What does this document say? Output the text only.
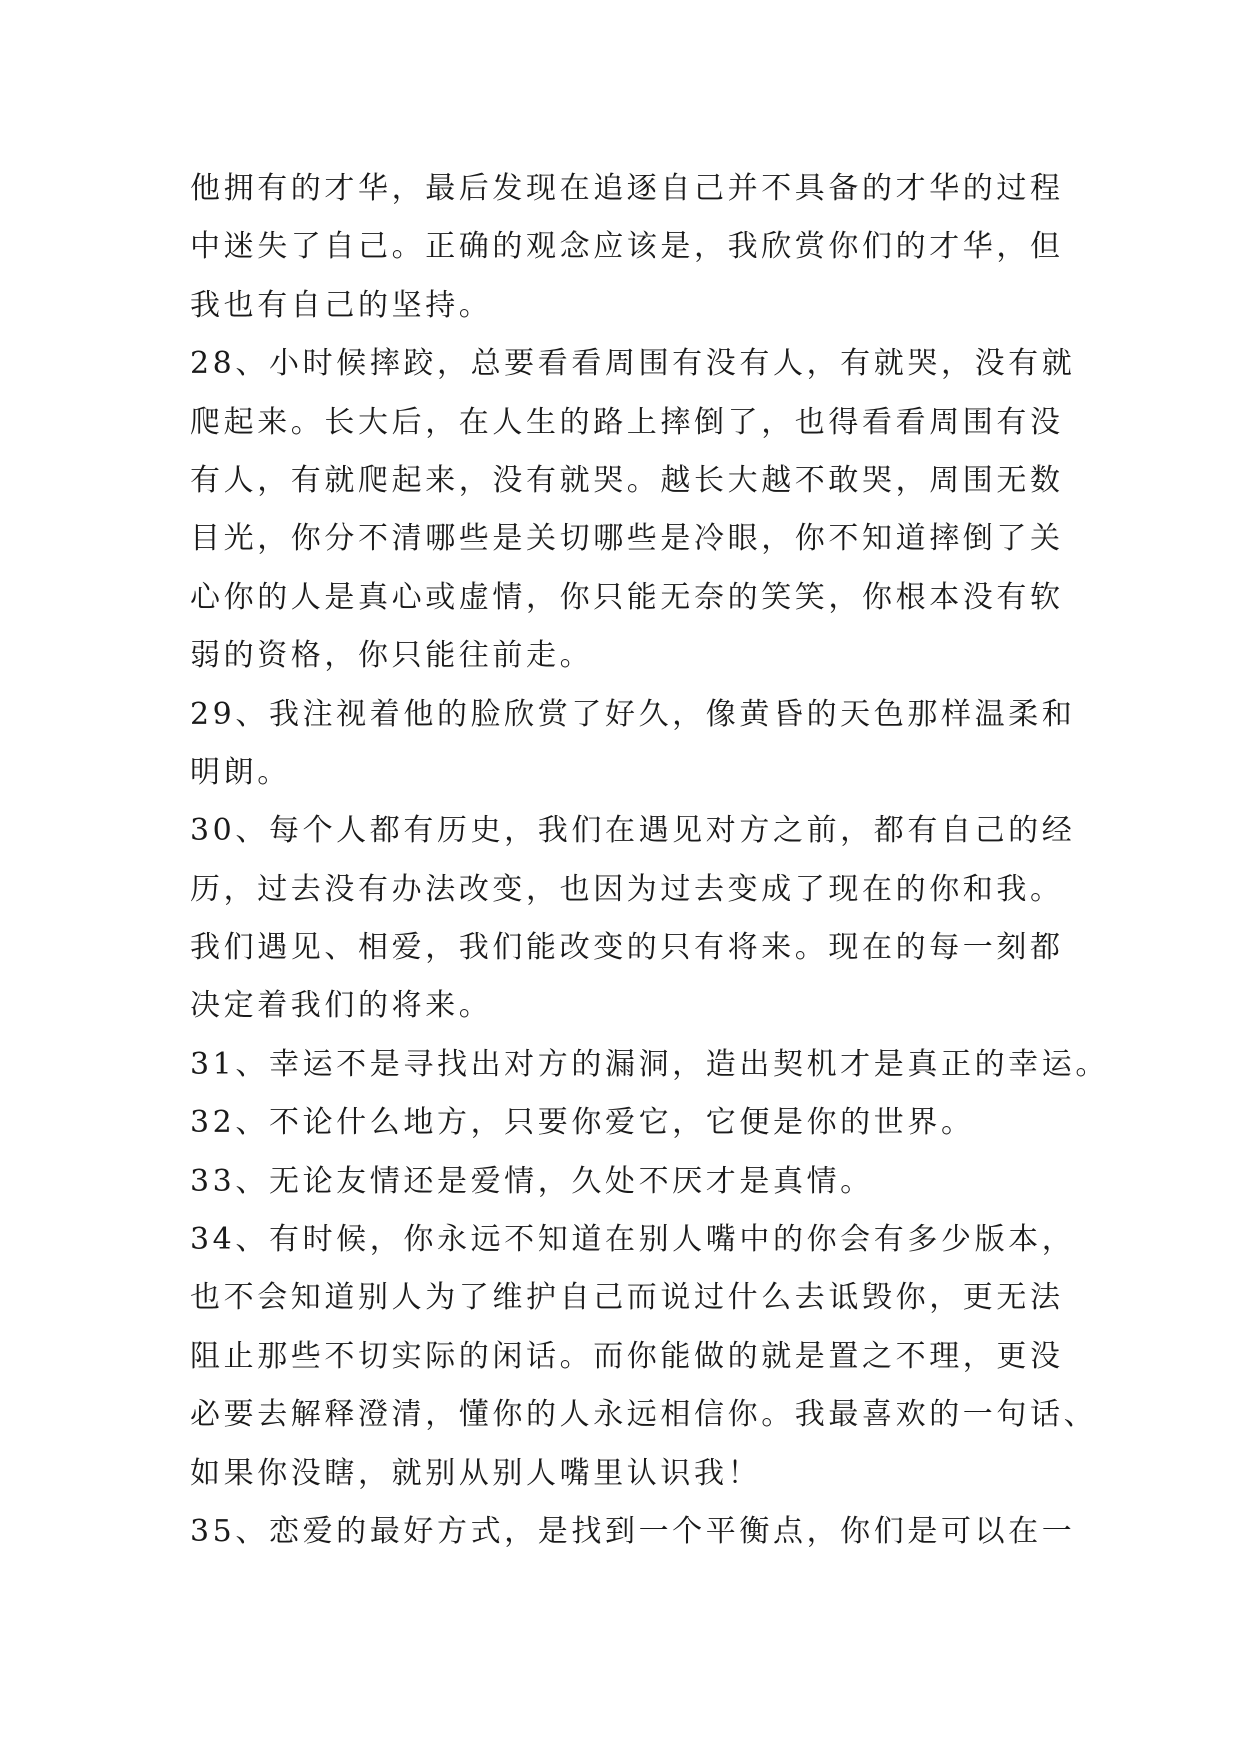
他拥有的才华，最后发现在追逐自己并不具备的才华的过程
中迷失了自己。正确的观念应该是，我欣赏你们的才华，但
我也有自己的坚持。
28、小时候摔跤，总要看看周围有没有人，有就哭，没有就
爬起来。长大后，在人生的路上摔倒了，也得看看周围有没
有人，有就爬起来，没有就哭。越长大越不敢哭，周围无数
目光，你分不清哪些是关切哪些是冷眼，你不知道摔倒了关
心你的人是真心或虚情，你只能无奈的笑笑，你根本没有软
弱的资格，你只能往前走。
29、我注视着他的脸欣赏了好久，像黄昏的天色那样温柔和
明朗。
30、每个人都有历史，我们在遇见对方之前，都有自己的经
历，过去没有办法改变，也因为过去变成了现在的你和我。
我们遇见、相爱，我们能改变的只有将来。现在的每一刻都
决定着我们的将来。
31、幸运不是寻找出对方的漏洞，造出契机才是真正的幸运。
32、不论什么地方，只要你爱它，它便是你的世界。
33、无论友情还是爱情，久处不厌才是真情。
34、有时候，你永远不知道在别人嘴中的你会有多少版本，
也不会知道别人为了维护自己而说过什么去诋毁你，更无法
阻止那些不切实际的闲话。而你能做的就是置之不理，更没
必要去解释澄清，懂你的人永远相信你。我最喜欢的一句话、
如果你没瞎，就别从别人嘴里认识我！
35、恋爱的最好方式，是找到一个平衡点，你们是可以在一
